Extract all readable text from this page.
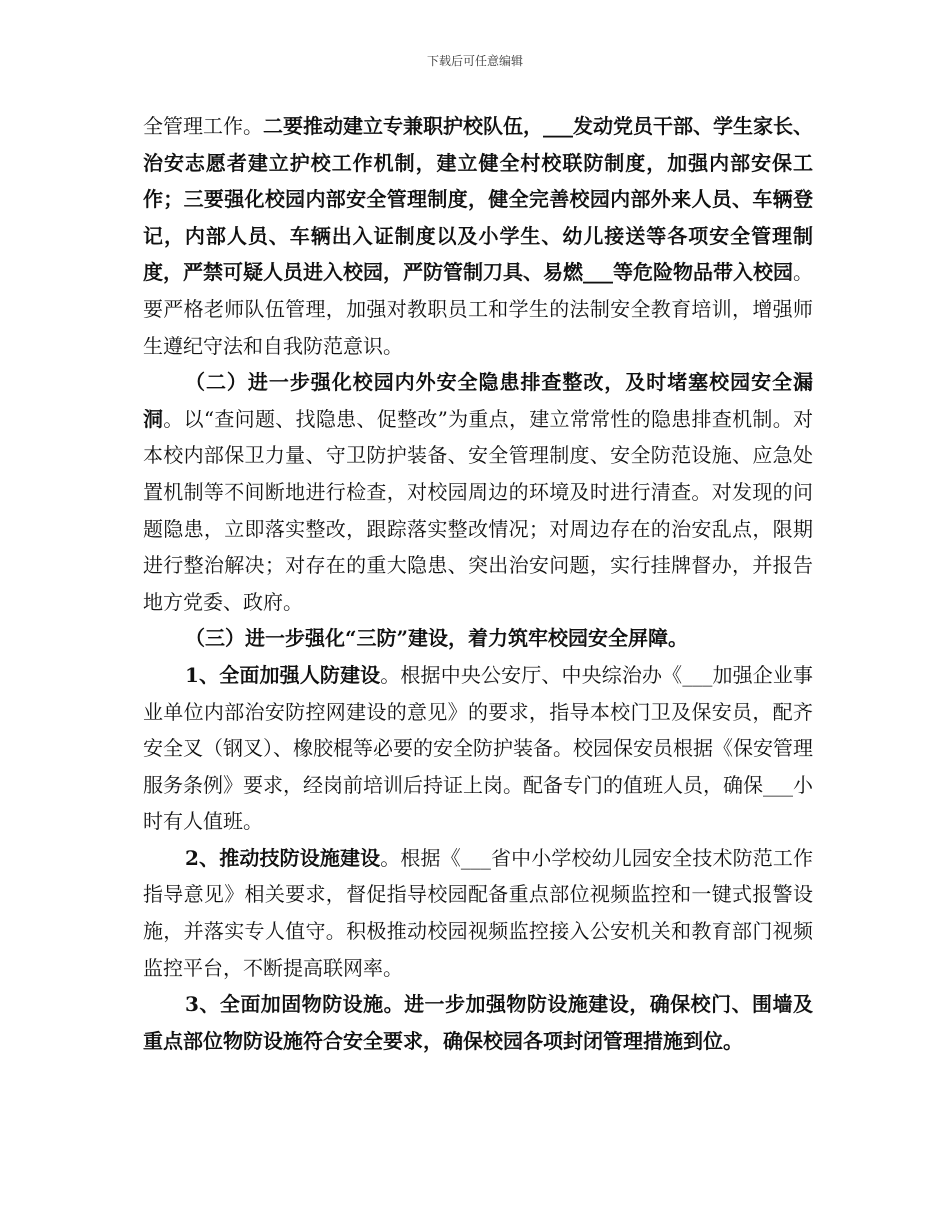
下载后可任意编辑

全管理工作。二要推动建立专兼职护校队伍，___发动党员干部、学生家长、治安志愿者建立护校工作机制，建立健全村校联防制度，加强内部安保工作；三要强化校园内部安全管理制度，健全完善校园内部外来人员、车辆登记，内部人员、车辆出入证制度以及小学生、幼儿接送等各项安全管理制度，严禁可疑人员进入校园，严防管制刀具、易燃___等危险物品带入校园。要严格老师队伍管理，加强对教职员工和学生的法制安全教育培训，增强师生遵纪守法和自我防范意识。

（二）进一步强化校园内外安全隐患排查整改，及时堵塞校园安全漏洞。以“查问题、找隐患、促整改”为重点，建立常常性的隐患排查机制。对本校内部保卫力量、守卫防护装备、安全管理制度、安全防范设施、应急处置机制等不间断地进行检查，对校园周边的环境及时进行清查。对发现的问题隐患，立即落实整改，跟踪落实整改情况；对周边存在的治安乱点，限期进行整治解决；对存在的重大隐患、突出治安问题，实行挂牌督办，并报告地方党委、政府。

（三）进一步强化“三防”建设，着力筑牢校园安全屏障。

1、全面加强人防建设。根据中央公安厅、中央综治办《___加强企业事业单位内部治安防控网建设的意见》的要求，指导本校门卫及保安员，配齐安全叉（钢叉）、橡胶棍等必要的安全防护装备。校园保安员根据《保安管理服务条例》要求，经岗前培训后持证上岗。配备专门的值班人员，确保___小时有人值班。

2、推动技防设施建设。根据《___省中小学校幼儿园安全技术防范工作指导意见》相关要求，督促指导校园配备重点部位视频监控和一键式报警设施，并落实专人值守。积极推动校园视频监控接入公安机关和教育部门视频监控平台，不断提高联网率。

3、全面加固物防设施。进一步加强物防设施建设，确保校门、围墙及重点部位物防设施符合安全要求，确保校园各项封闭管理措施到位。
